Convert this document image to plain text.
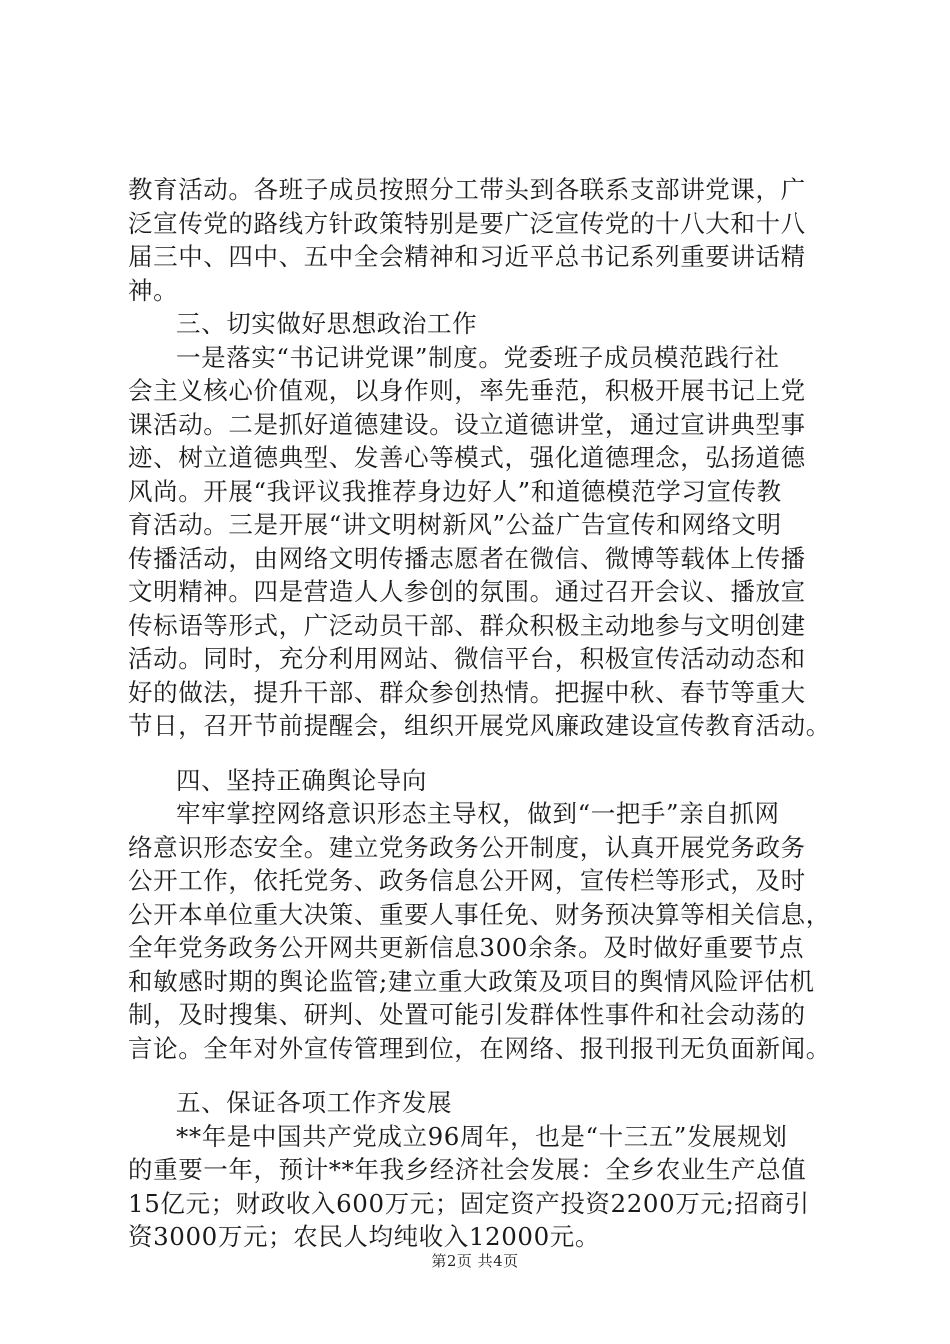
教育活动。各班子成员按照分工带头到各联系支部讲党课，广
泛宣传党的路线方针政策特别是要广泛宣传党的十八大和十八
届三中、四中、五中全会精神和习近平总书记系列重要讲话精
神。
三、切实做好思想政治工作
一是落实“书记讲党课”制度。党委班子成员模范践行社
会主义核心价值观，以身作则，率先垂范，积极开展书记上党
课活动。二是抓好道德建设。设立道德讲堂，通过宣讲典型事
迹、树立道德典型、发善心等模式，强化道德理念，弘扬道德
风尚。开展“我评议我推荐身边好人”和道德模范学习宣传教
育活动。三是开展“讲文明树新风”公益广告宣传和网络文明
传播活动，由网络文明传播志愿者在微信、微博等载体上传播
文明精神。四是营造人人参创的氛围。通过召开会议、播放宣
传标语等形式，广泛动员干部、群众积极主动地参与文明创建
活动。同时，充分利用网站、微信平台，积极宣传活动动态和
好的做法，提升干部、群众参创热情。把握中秋、春节等重大
节日，召开节前提醒会，组织开展党风廉政建设宣传教育活动。
四、坚持正确舆论导向
牢牢掌控网络意识形态主导权，做到“一把手”亲自抓网
络意识形态安全。建立党务政务公开制度，认真开展党务政务
公开工作，依托党务、政务信息公开网，宣传栏等形式，及时
公开本单位重大决策、重要人事任免、财务预决算等相关信息，
全年党务政务公开网共更新信息300余条。及时做好重要节点
和敏感时期的舆论监管;建立重大政策及项目的舆情风险评估机
制，及时搜集、研判、处置可能引发群体性事件和社会动荡的
言论。全年对外宣传管理到位，在网络、报刊报刊无负面新闻。
五、保证各项工作齐发展
**年是中国共产党成立96周年，也是“十三五”发展规划
的重要一年，预计**年我乡经济社会发展：全乡农业生产总值
15亿元；财政收入600万元；固定资产投资2200万元;招商引
资3000万元；农民人均纯收入12000元。
第2页 共4页
